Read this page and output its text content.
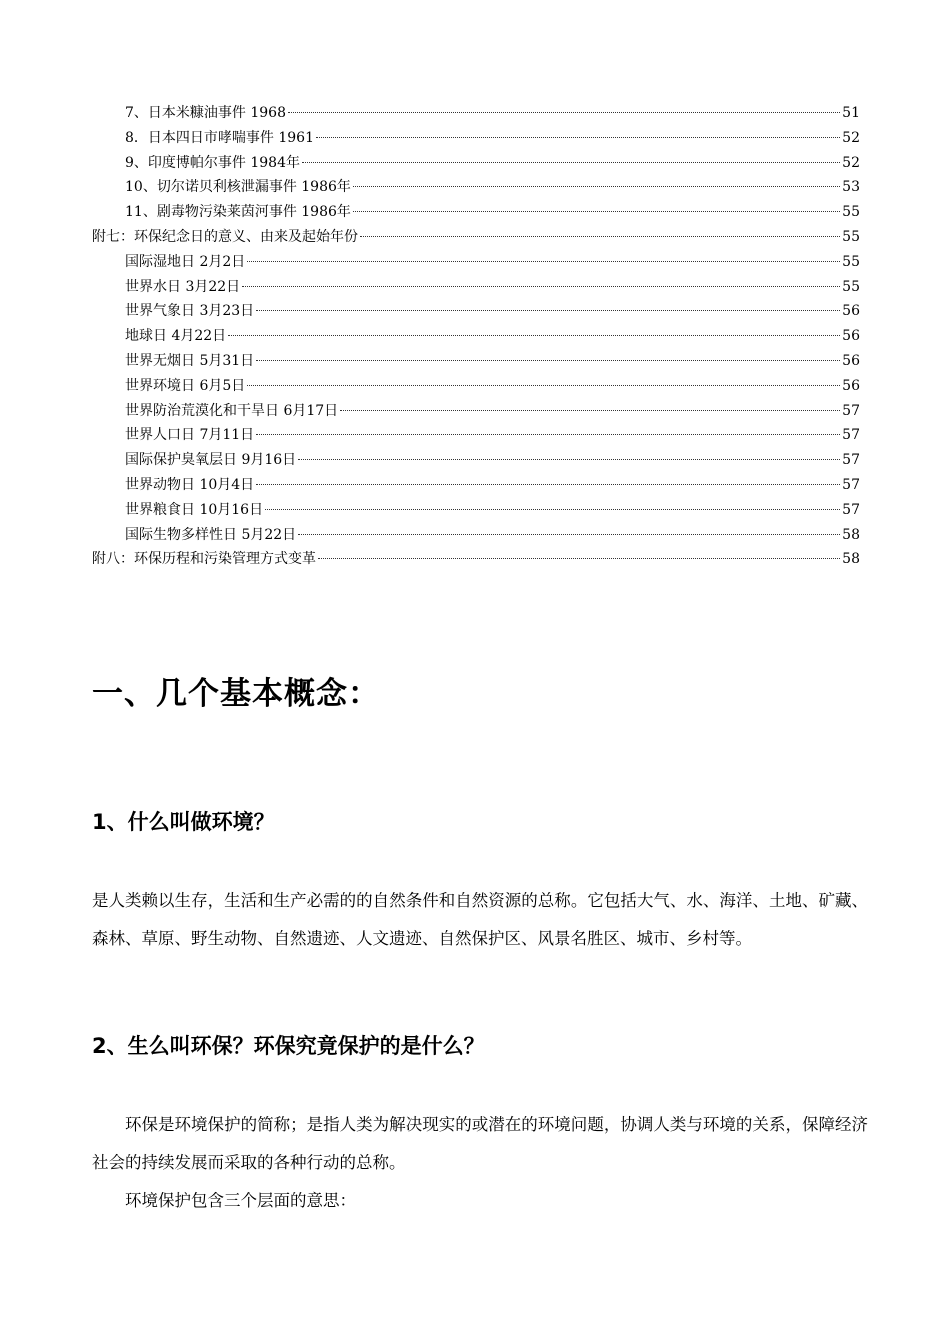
7、日本米糠油事件 1968	51
8．日本四日市哮喘事件 1961	52
9、印度博帕尔事件 1984年	52
10、切尔诺贝利核泄漏事件 1986年	53
11、剧毒物污染莱茵河事件 1986年	55
附七：环保纪念日的意义、由来及起始年份	55
国际湿地日 2月2日	55
世界水日 3月22日	55
世界气象日 3月23日	56
地球日 4月22日	56
世界无烟日 5月31日	56
世界环境日 6月5日	56
世界防治荒漠化和干旱日 6月17日	57
世界人口日 7月11日	57
国际保护臭氧层日 9月16日	57
世界动物日 10月4日	57
世界粮食日 10月16日	57
国际生物多样性日 5月22日	58
附八：环保历程和污染管理方式变革	58
一、几个基本概念：
1、什么叫做环境？

是人类赖以生存，生活和生产必需的的自然条件和自然资源的总称。它包括大气、水、海洋、土地、矿藏、森林、草原、野生动物、自然遗迹、人文遗迹、自然保护区、风景名胜区、城市、乡村等。

2、生么叫环保？环保究竟保护的是什么？

环保是环境保护的简称；是指人类为解决现实的或潜在的环境问题，协调人类与环境的关系，保障经济社会的持续发展而采取的各种行动的总称。

环境保护包含三个层面的意思：
